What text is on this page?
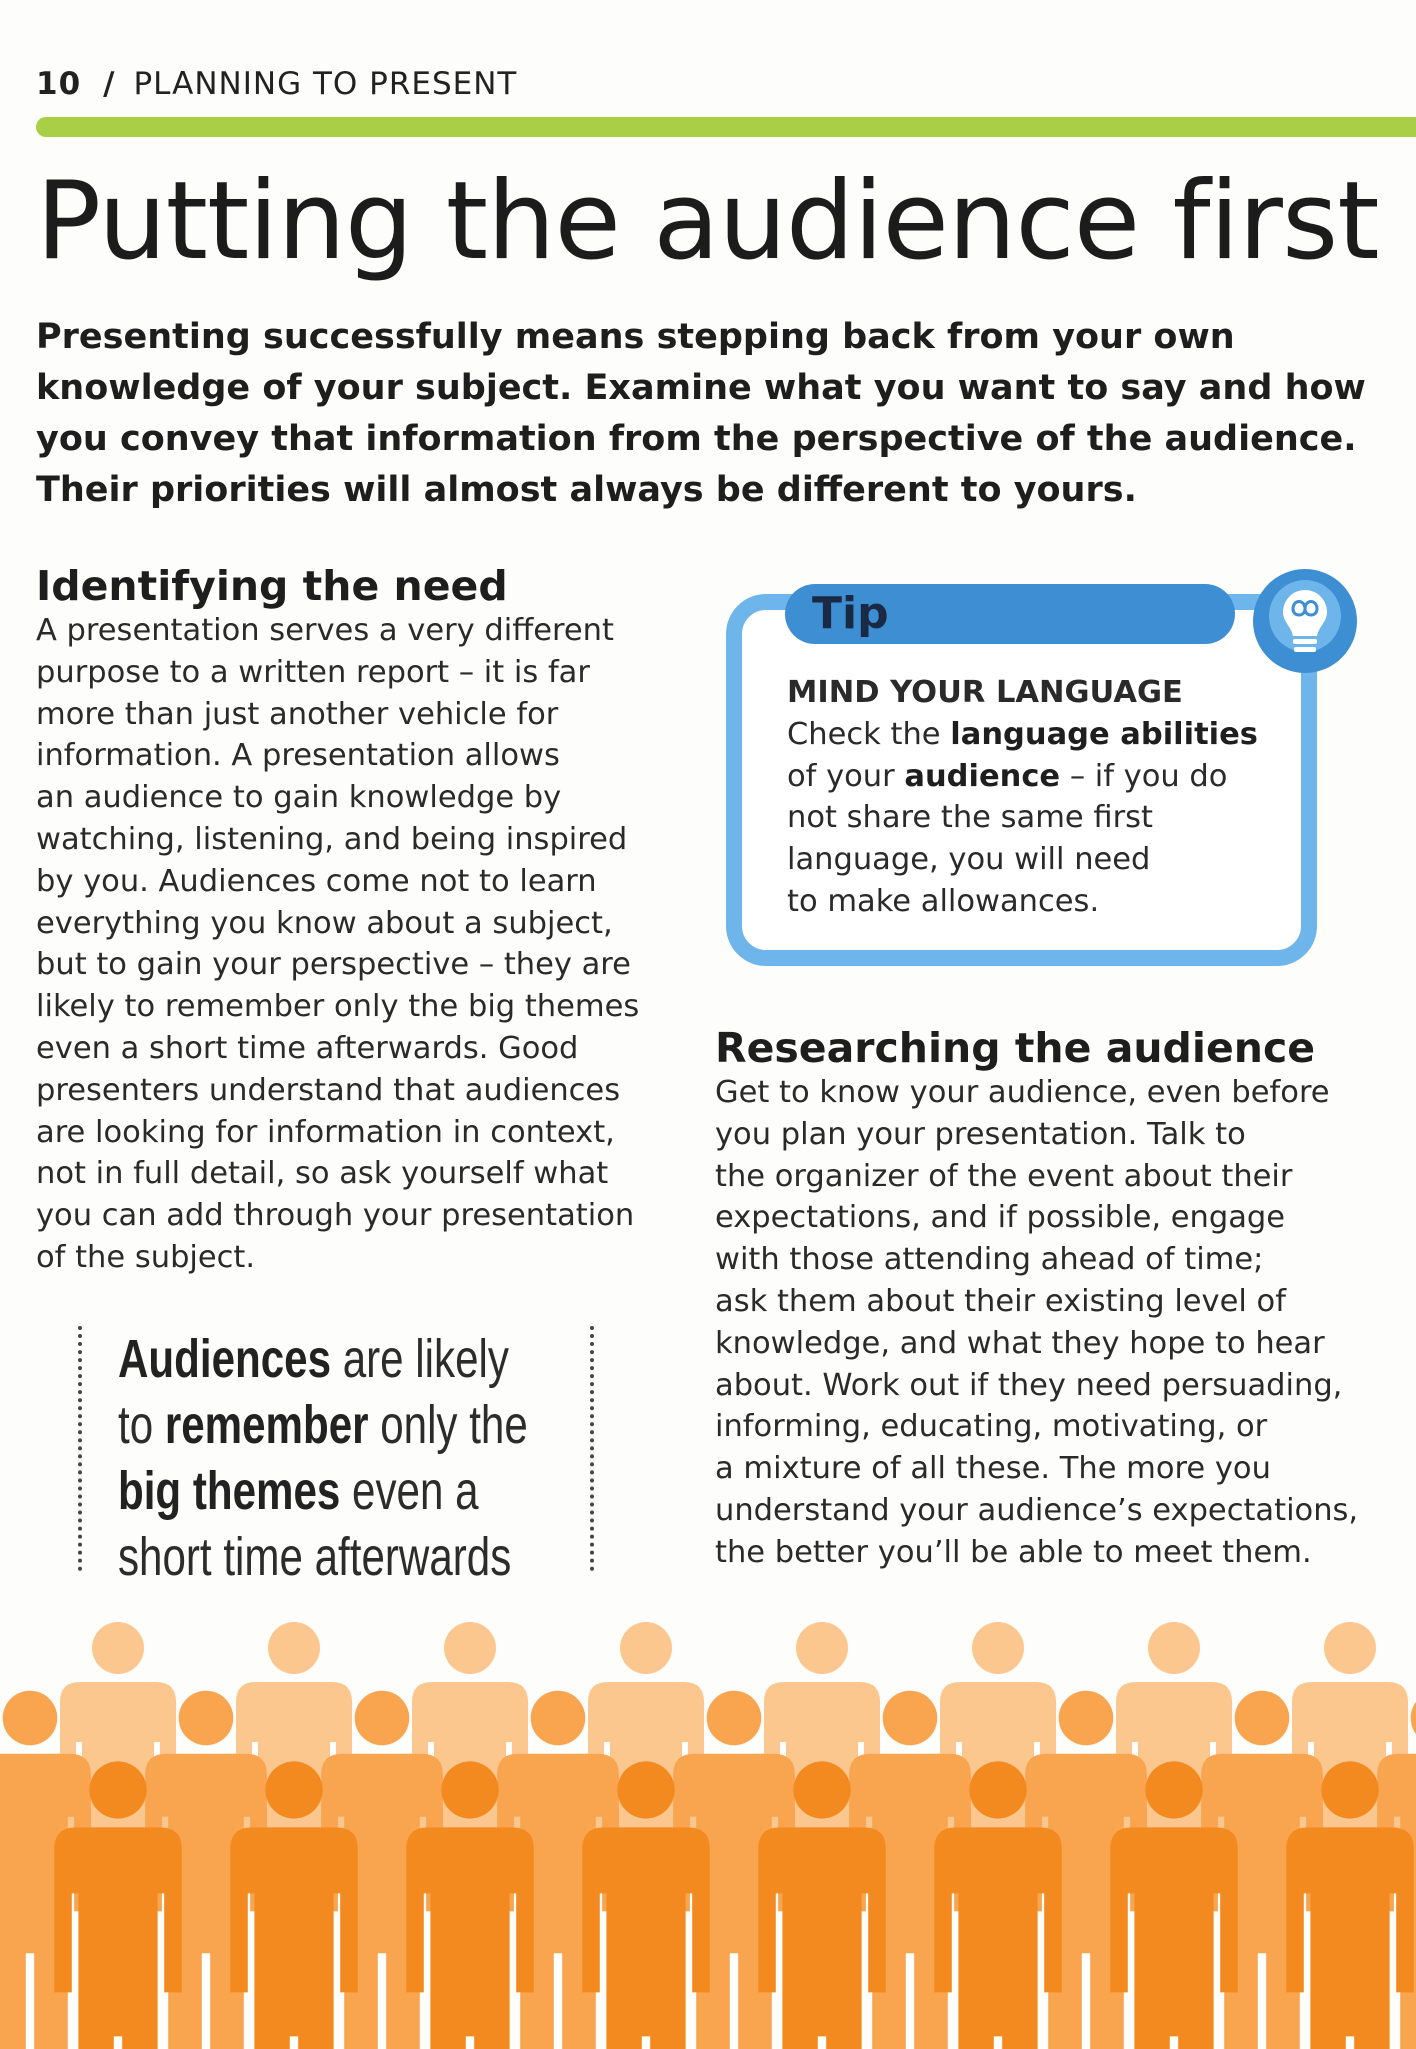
10 / PLANNING TO PRESENT
Putting the audience first

Presenting successfully means stepping back from your own knowledge of your subject. Examine what you want to say and how you convey that information from the perspective of the audience. Their priorities will almost always be different to yours.

Identifying the need

A presentation serves a very different
purpose to a written report – it is far
more than just another vehicle for
information. A presentation allows
an audience to gain knowledge by
watching, listening, and being inspired
by you. Audiences come not to learn
everything you know about a subject,
but to gain your perspective – they are
likely to remember only the big themes
even a short time afterwards. Good
presenters understand that audiences
are looking for information in context,
not in full detail, so ask yourself what
you can add through your presentation
of the subject.

Audiences are likely
to remember only the
big themes even a
short time afterwards

Tip

MIND YOUR LANGUAGE

Check the language abilities
of your audience – if you do
not share the same first
language, you will need
to make allowances.

Researching the audience

Get to know your audience, even before
you plan your presentation. Talk to
the organizer of the event about their
expectations, and if possible, engage
with those attending ahead of time;
ask them about their existing level of
knowledge, and what they hope to hear
about. Work out if they need persuading,
informing, educating, motivating, or
a mixture of all these. The more you
understand your audience’s expectations,
the better you’ll be able to meet them.
